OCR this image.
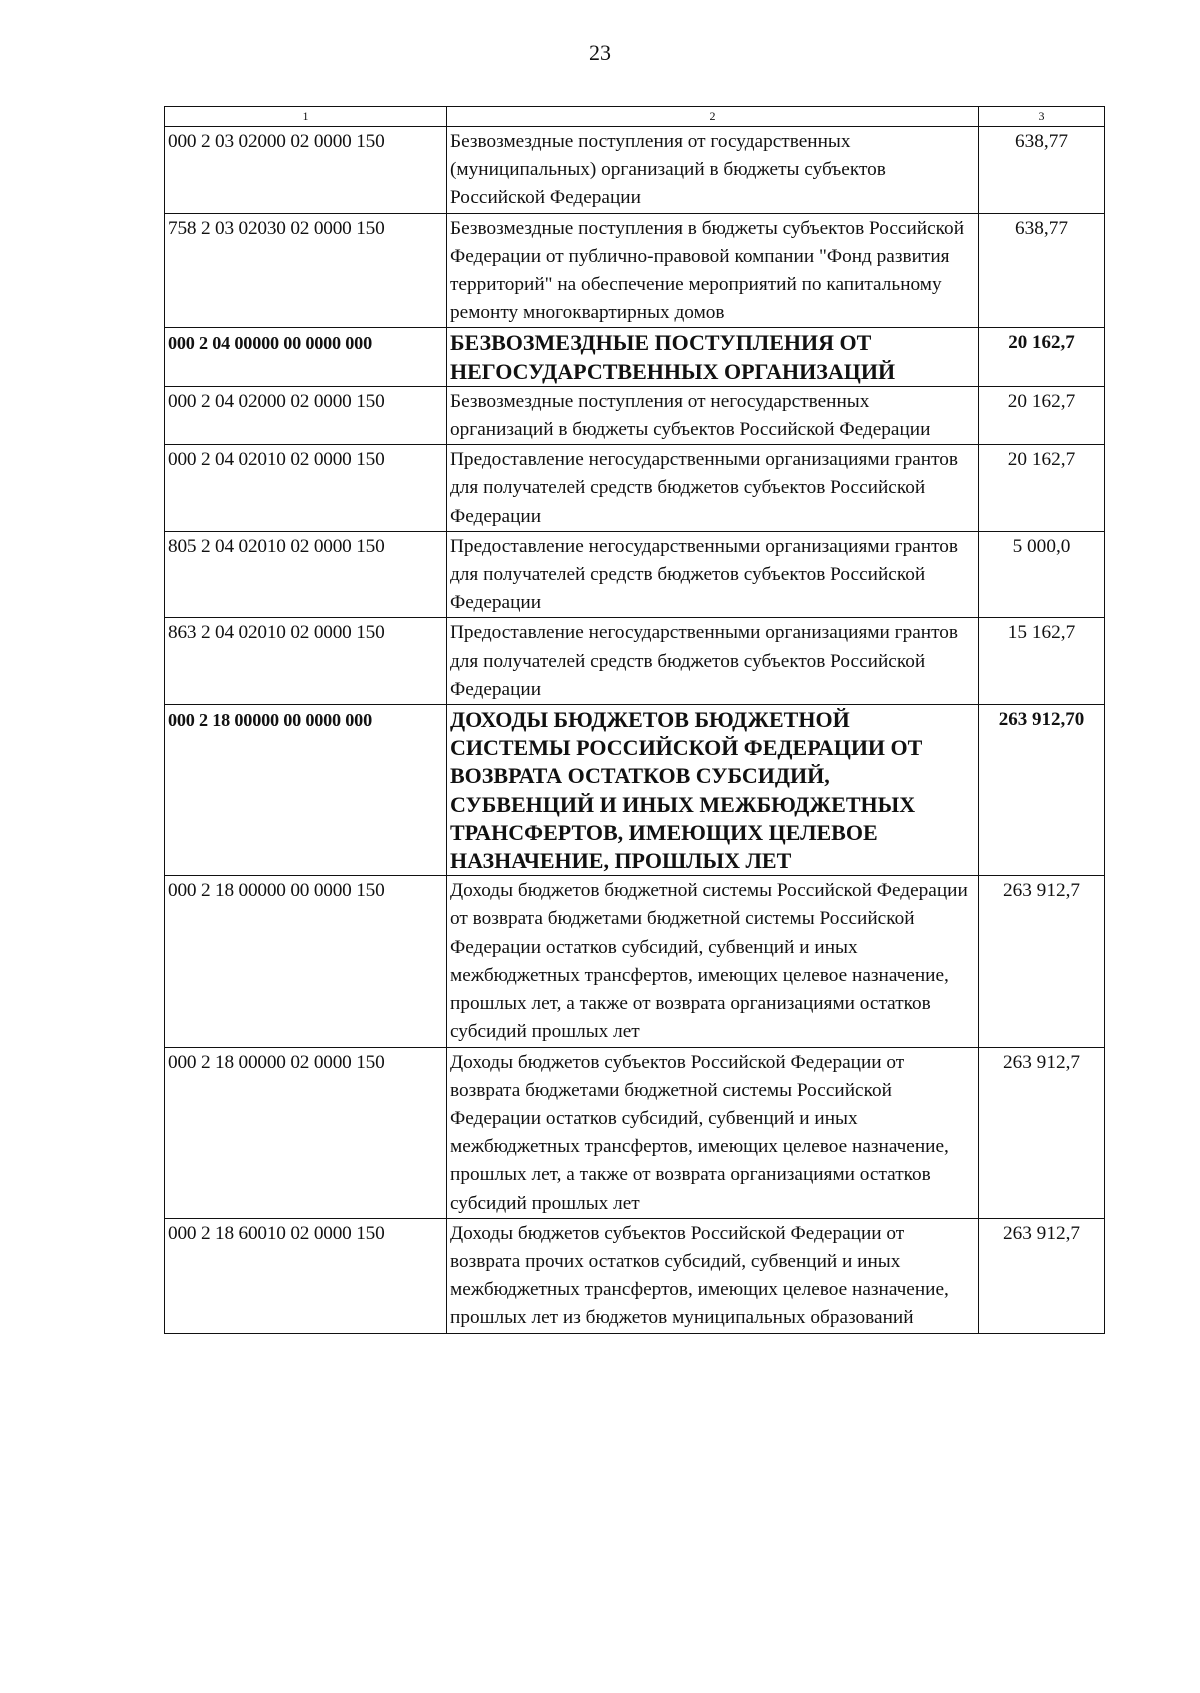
23
1	2	3
000 2 03 02000 02 0000 150	Безвозмездные поступления от государственных (муниципальных) организаций в бюджеты субъектов Российской Федерации	638,77
758 2 03 02030 02 0000 150	Безвозмездные поступления в бюджеты субъектов Российской Федерации от публично-правовой компании "Фонд развития территорий" на обеспечение мероприятий по капитальному ремонту многоквартирных домов	638,77
000 2 04 00000 00 0000 000	БЕЗВОЗМЕЗДНЫЕ ПОСТУПЛЕНИЯ ОТ НЕГОСУДАРСТВЕННЫХ ОРГАНИЗАЦИЙ	20 162,7
000 2 04 02000 02 0000 150	Безвозмездные поступления от негосударственных организаций в бюджеты субъектов Российской Федерации	20 162,7
000 2 04 02010 02 0000 150	Предоставление негосударственными организациями грантов для получателей средств бюджетов субъектов Российской Федерации	20 162,7
805 2 04 02010 02 0000 150	Предоставление негосударственными организациями грантов для получателей средств бюджетов субъектов Российской Федерации	5 000,0
863 2 04 02010 02 0000 150	Предоставление негосударственными организациями грантов для получателей средств бюджетов субъектов Российской Федерации	15 162,7
000 2 18 00000 00 0000 000	ДОХОДЫ БЮДЖЕТОВ БЮДЖЕТНОЙ СИСТЕМЫ РОССИЙСКОЙ ФЕДЕРАЦИИ ОТ ВОЗВРАТА ОСТАТКОВ СУБСИДИЙ, СУБВЕНЦИЙ И ИНЫХ МЕЖБЮДЖЕТНЫХ ТРАНСФЕРТОВ, ИМЕЮЩИХ ЦЕЛЕВОЕ НАЗНАЧЕНИЕ, ПРОШЛЫХ ЛЕТ	263 912,70
000 2 18 00000 00 0000 150	Доходы бюджетов бюджетной системы Российской Федерации от возврата бюджетами бюджетной системы Российской Федерации остатков субсидий, субвенций и иных межбюджетных трансфертов, имеющих целевое назначение, прошлых лет, а также от возврата организациями остатков субсидий прошлых лет	263 912,7
000 2 18 00000 02 0000 150	Доходы бюджетов субъектов Российской Федерации от возврата бюджетами бюджетной системы Российской Федерации остатков субсидий, субвенций и иных межбюджетных трансфертов, имеющих целевое назначение, прошлых лет, а также от возврата организациями остатков субсидий прошлых лет	263 912,7
000 2 18 60010 02 0000 150	Доходы бюджетов субъектов Российской Федерации от возврата прочих остатков субсидий, субвенций и иных межбюджетных трансфертов, имеющих целевое назначение, прошлых лет из бюджетов муниципальных образований	263 912,7
